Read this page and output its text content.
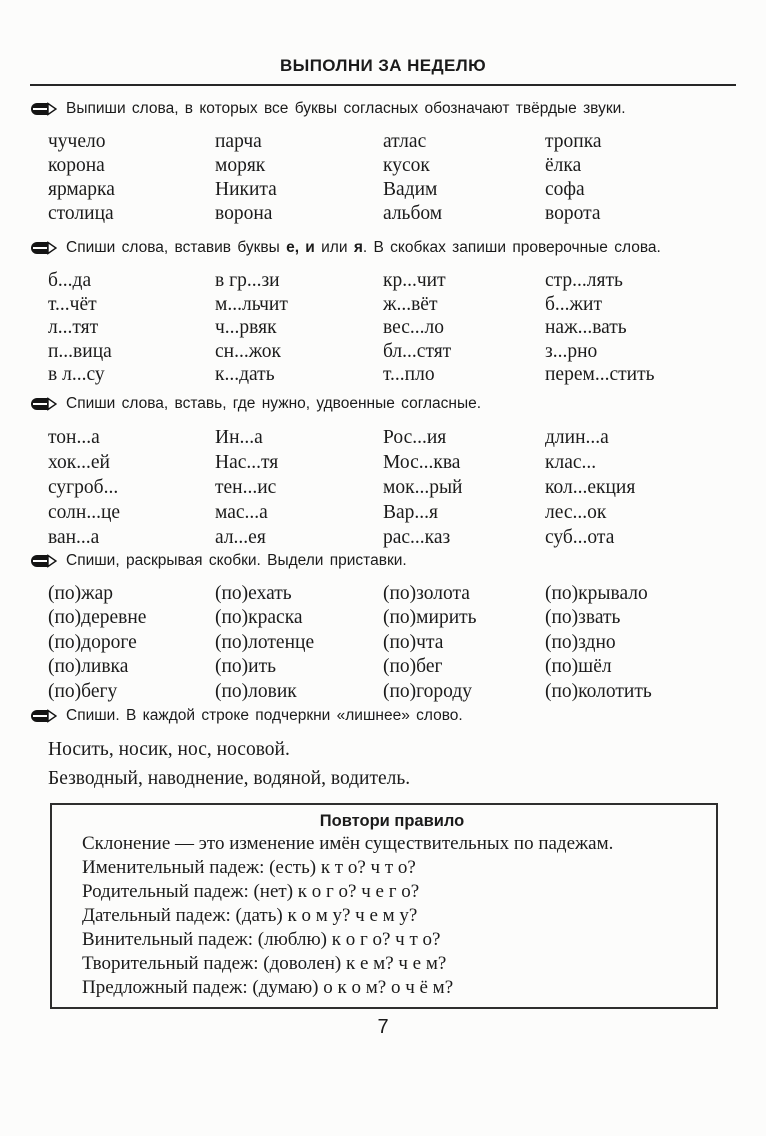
ВЫПОЛНИ ЗА НЕДЕЛЮ

Выпиши слова, в которых все буквы согласных обозначают твёрдые звуки.

чучело	парча	атлас	тропка
корона	моряк	кусок	ёлка
ярмарка	Никита	Вадим	софа
столица	ворона	альбом	ворота

Спиши слова, вставив буквы е, и или я. В скобках запиши проверочные слова.

б...да	в гр...зи	кр...чит	стр...лять
т...чёт	м...льчит	ж...вёт	б...жит
л...тят	ч...рвяк	вес...ло	наж...вать
п...вица	сн...жок	бл...стят	з...рно
в л...су	к...дать	т...пло	перем...стить

Спиши слова, вставь, где нужно, удвоенные согласные.

тон...а	Ин...а	Рос...ия	длин...а
хок...ей	Нас...тя	Мос...ква	клас...
сугроб...	тен...ис	мок...рый	кол...екция
солн...це	мас...а	Вар...я	лес...ок
ван...а	ал...ея	рас...каз	суб...ота

Спиши, раскрывая скобки. Выдели приставки.

(по)жар	(по)ехать	(по)золота	(по)крывало
(по)деревне	(по)краска	(по)мирить	(по)звать
(по)дороге	(по)лотенце	(по)чта	(по)здно
(по)ливка	(по)ить	(по)бег	(по)шёл
(по)бегу	(по)ловик	(по)городу	(по)колотить

Спиши. В каждой строке подчеркни «лишнее» слово.

Носить, носик, нос, носовой.
Безводный, наводнение, водяной, водитель.
Повтори правило
Склонение — это изменение имён существительных по падежам.
Именительный падеж: (есть) к т о? ч т о?
Родительный падеж: (нет) к о г о? ч е г о?
Дательный падеж: (дать) к о м у? ч е м у?
Винительный падеж: (люблю) к о г о? ч т о?
Творительный падеж: (доволен) к е м? ч е м?
Предложный падеж: (думаю) о к о м? о ч ё м?
7
